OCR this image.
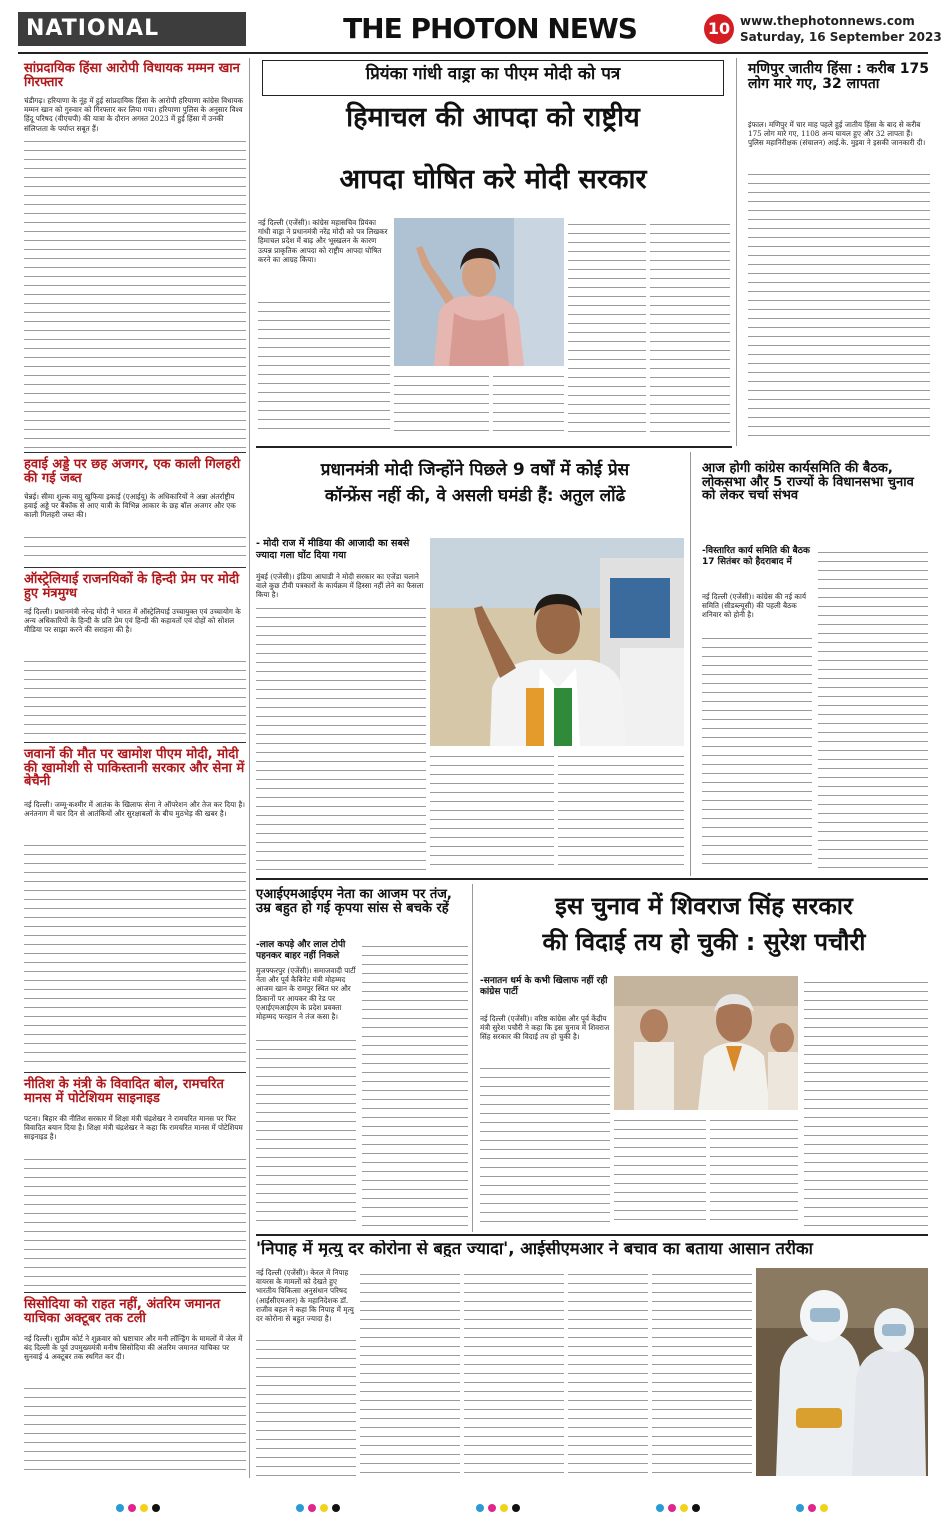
NATIONAL	THE PHOTON NEWS	10 www.thephotonnews.com
Saturday, 16 September 2023
सांप्रदायिक हिंसा आरोपी विधायक मम्मन खान गिरफ्तार
चंडीगढ़। हरियाणा के नूंह में हुई सांप्रदायिक हिंसा के आरोपी हरियाणा कांग्रेस विधायक मम्मन खान को गुरुवार को गिरफ्तार कर लिया गया। हरियाणा पुलिस के अनुसार विश्व हिंदू परिषद (वीएचपी) की यात्रा के दौरान अगस्त 2023 में हुई हिंसा में उनकी संलिप्तता के पर्याप्त सबूत हैं।
हवाई अड्डे पर छह अजगर, एक काली गिलहरी की गई जब्त
चेन्नई। सीमा शुल्क वायु खुफिया इकाई (एआईयू) के अधिकारियों ने अन्ना अंतर्राष्ट्रीय हवाई अड्डे पर बैंकॉक से आए यात्री के विभिन्न आकार के छह बॉल अजगर और एक काली गिलहरी जब्त की।
ऑस्ट्रेलियाई राजनयिकों के हिन्दी प्रेम पर मोदी हुए मंत्रमुग्ध
नई दिल्ली। प्रधानमंत्री नरेन्द्र मोदी ने भारत में ऑस्ट्रेलियाई उच्चायुक्त एवं उच्चायोग के अन्य अधिकारियों के हिन्दी के प्रति प्रेम एवं हिन्दी की कहावतों एवं दोहों को सोशल मीडिया पर साझा करने की सराहना की है।
जवानों की मौत पर खामोश पीएम मोदी, मोदी की खामोशी से पाकिस्तानी सरकार और सेना में बेचैनी
नई दिल्ली। जम्मू-कश्मीर में आतंक के खिलाफ सेना ने ऑपरेशन और तेज कर दिया है। अनंतनाग में चार दिन से आतंकियों और सुरक्षाबलों के बीच मुठभेड़ की खबर है।
नीतिश के मंत्री के विवादित बोल, रामचरित मानस में पोटेशियम साइनाइड
पटना। बिहार की नीतिश सरकार में शिक्षा मंत्री चंद्रशेखर ने रामचरित मानस पर फिर विवादित बयान दिया है। शिक्षा मंत्री चंद्रशेखर ने कहा कि रामचरित मानस में पोटेशियम साइनाइड है।
सिसोदिया को राहत नहीं, अंतरिम जमानत याचिका अक्टूबर तक टली
नई दिल्ली। सुप्रीम कोर्ट ने शुक्रवार को भ्रष्टाचार और मनी लॉन्ड्रिंग के मामलों में जेल में बंद दिल्ली के पूर्व उपमुख्यमंत्री मनीष सिसोदिया की अंतरिम जमानत याचिका पर सुनवाई 4 अक्टूबर तक स्थगित कर दी।
प्रियंका गांधी वाड्रा का पीएम मोदी को पत्र
हिमाचल की आपदा को राष्ट्रीय
आपदा घोषित करे मोदी सरकार
नई दिल्ली (एजेंसी)। कांग्रेस महासचिव प्रियंका गांधी वाड्रा ने प्रधानमंत्री नरेंद्र मोदी को पत्र लिखकर हिमाचल प्रदेश में बाढ़ और भूस्खलन के कारण उत्पन्न प्राकृतिक आपदा को राष्ट्रीय आपदा घोषित करने का आग्रह किया।
मणिपुर जातीय हिंसा : करीब 175 लोग मारे गए, 32 लापता
इंफाल। मणिपुर में चार माह पहले हुई जातीय हिंसा के बाद से करीब 175 लोग मारे गए, 1108 अन्य घायल हुए और 32 लापता हैं। पुलिस महानिरीक्षक (संचालन) आई.के. मुइवा ने इसकी जानकारी दी।
प्रधानमंत्री मोदी जिन्होंने पिछले 9 वर्षों में कोई प्रेस
कॉन्फ्रेंस नहीं की, वे असली घमंडी हैं: अतुल लोंढे
- मोदी राज में मीडिया की आजादी का सबसे ज्यादा गला घोंट दिया गया
मुंबई (एजेंसी)। इंडिया आघाडी ने मोदी सरकार का एजेंडा चलाने वाले कुछ टीवी पत्रकारों के कार्यक्रम में हिस्सा नहीं लेने का फैसला किया है।
आज होगी कांग्रेस कार्यसमिति की बैठक, लोकसभा और 5 राज्यों के विधानसभा चुनाव को लेकर चर्चा संभव
-विस्तारित कार्य समिति की बैठक 17 सितंबर को हैदराबाद में
नई दिल्ली (एजेंसी)। कांग्रेस की नई कार्य समिति (सीडब्ल्यूसी) की पहली बैठक शनिवार को होनी है।
एआईएमआईएम नेता का आजम पर तंज, उम्र बहुत हो गई कृपया सांस से बचके रहें
-लाल कपड़े और लाल टोपी पहनकर बाहर नहीं निकले
मुजफ्फरपुर (एजेंसी)। समाजवादी पार्टी नेता और पूर्व कैबिनेट मंत्री मोहम्मद आजम खान के रामपुर स्थित घर और ठिकानों पर आयकर की रेड पर एआईएमआईएम के प्रदेश प्रवक्ता मोहम्मद फरहान ने तंज कसा है।
इस चुनाव में शिवराज सिंह सरकार
की विदाई तय हो चुकी : सुरेश पचौरी
-सनातन धर्म के कभी खिलाफ नहीं रही कांग्रेस पार्टी
नई दिल्ली (एजेंसी)। वरिष्ठ कांग्रेस और पूर्व केंद्रीय मंत्री सुरेश पचौरी ने कहा कि इस चुनाव में शिवराज सिंह सरकार की विदाई तय हो चुकी है।
'निपाह में मृत्यु दर कोरोना से बहुत ज्यादा', आईसीएमआर ने बचाव का बताया आसान तरीका
नई दिल्ली (एजेंसी)। केरल में निपाह वायरस के मामलों को देखते हुए भारतीय चिकित्सा अनुसंधान परिषद (आईसीएमआर) के महानिदेशक डॉ. राजीव बहल ने कहा कि निपाह में मृत्यु दर कोरोना से बहुत ज्यादा है।
